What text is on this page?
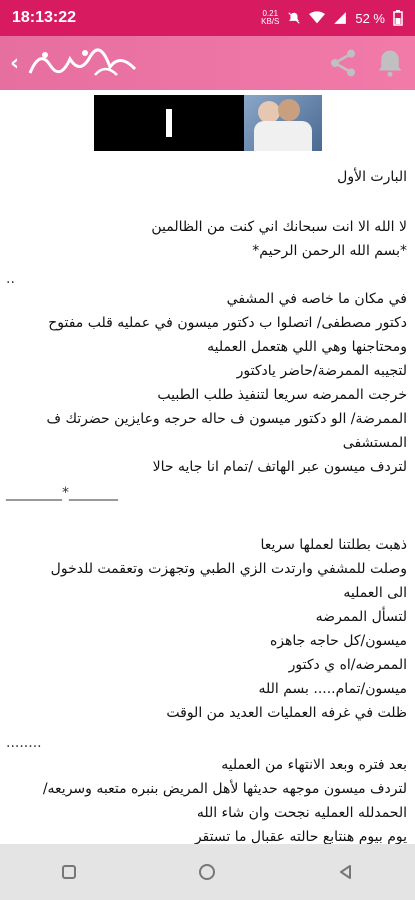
18:13:22	0.21
KB/S	52 %
‹
البارت الأول
لا الله الا انت سبحانك اني كنت من الظالمين
*بسم الله الرحمن الرحيم*
..
في مكان ما خاصه في المشفي
دكتور مصطفى/ اتصلوا ب دكتور ميسون في عمليه قلب مفتوح
ومحتاجنها وهي اللي هتعمل العمليه
لتجيبه الممرضة/حاضر يادكتور
خرجت الممرضه سريعا لتنفيذ طلب الطبيب
الممرضة/ الو دكتور ميسون ف حاله حرجه وعايزين حضرتك ف
المستشفى
لتردف ميسون عبر الهاتف /تمام انا جايه حالا
________*_______
ذهبت بطلتنا لعملها سريعا
وصلت للمشفي وارتدت الزي الطبي وتجهزت وتعقمت للدخول
الى العمليه
لتسأل الممرضه
ميسون/كل حاجه جاهزه
الممرضه/اه ي دكتور
ميسون/تمام..... بسم الله
ظلت في غرفه العمليات العديد من الوقت
........
بعد فتره وبعد الانتهاء من العمليه
لتردف ميسون موجهه حديثها لأهل المريض بنبره متعبه وسريعه/
الحمدلله العمليه نجحت وان شاء الله
يوم بيوم هنتابع حالته عقبال ما تستقر
